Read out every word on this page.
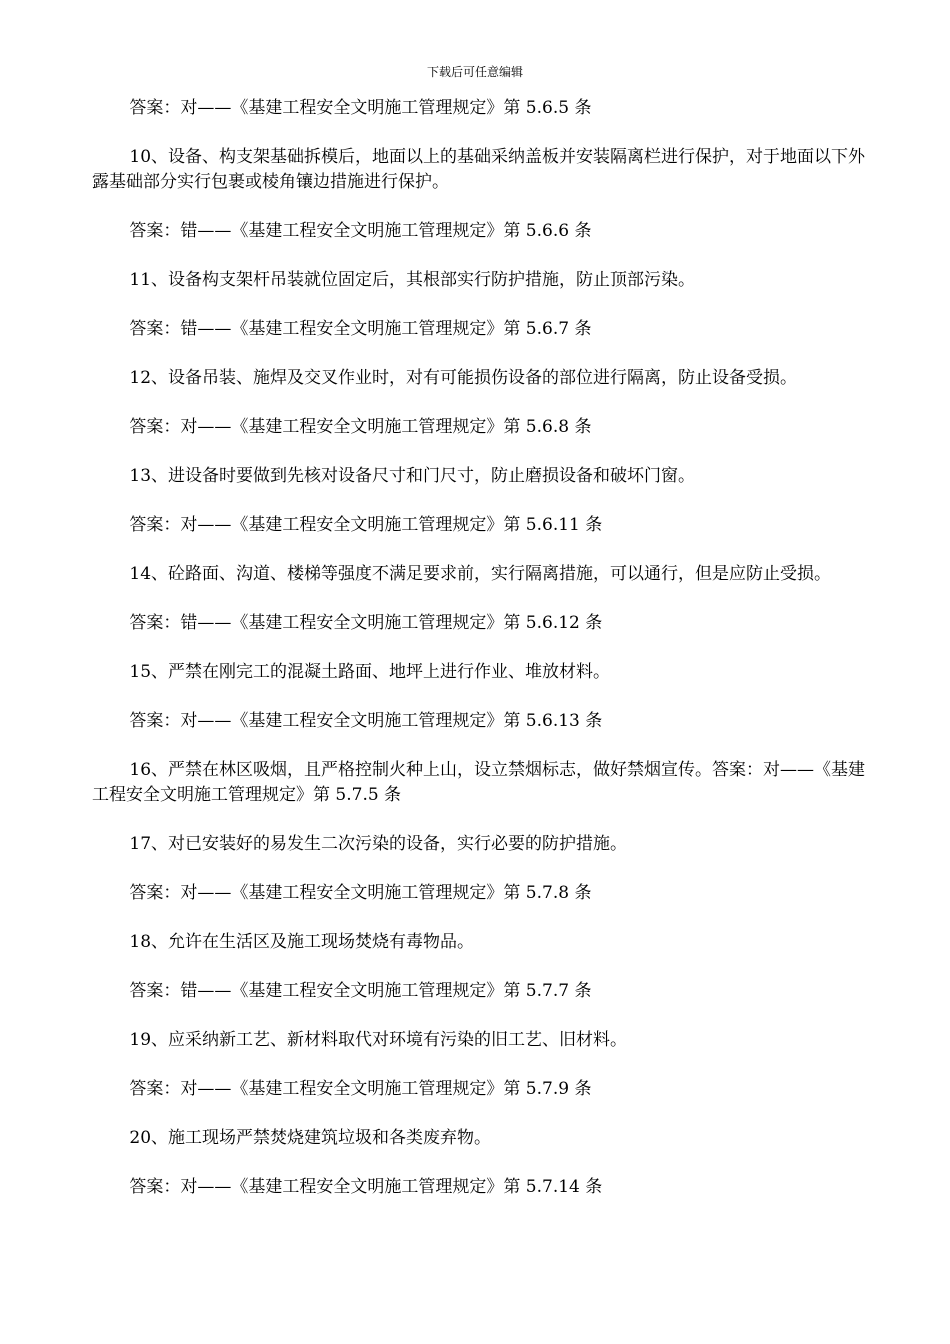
下载后可任意编辑

答案：对——《基建工程安全文明施工管理规定》第 5.6.5 条

10、设备、构支架基础拆模后，地面以上的基础采纳盖板并安装隔离栏进行保护，对于地面以下外露基础部分实行包裹或棱角镶边措施进行保护。

答案：错——《基建工程安全文明施工管理规定》第 5.6.6 条

11、设备构支架杆吊装就位固定后，其根部实行防护措施，防止顶部污染。

答案：错——《基建工程安全文明施工管理规定》第 5.6.7 条

12、设备吊装、施焊及交叉作业时，对有可能损伤设备的部位进行隔离，防止设备受损。

答案：对——《基建工程安全文明施工管理规定》第 5.6.8 条

13、进设备时要做到先核对设备尺寸和门尺寸，防止磨损设备和破坏门窗。

答案：对——《基建工程安全文明施工管理规定》第 5.6.11 条

14、砼路面、沟道、楼梯等强度不满足要求前，实行隔离措施，可以通行，但是应防止受损。

答案：错——《基建工程安全文明施工管理规定》第 5.6.12 条

15、严禁在刚完工的混凝土路面、地坪上进行作业、堆放材料。

答案：对——《基建工程安全文明施工管理规定》第 5.6.13 条

16、严禁在林区吸烟，且严格控制火种上山，设立禁烟标志，做好禁烟宣传。答案：对——《基建工程安全文明施工管理规定》第 5.7.5 条

17、对已安装好的易发生二次污染的设备，实行必要的防护措施。

答案：对——《基建工程安全文明施工管理规定》第 5.7.8 条

18、允许在生活区及施工现场焚烧有毒物品。

答案：错——《基建工程安全文明施工管理规定》第 5.7.7 条

19、应采纳新工艺、新材料取代对环境有污染的旧工艺、旧材料。

答案：对——《基建工程安全文明施工管理规定》第 5.7.9 条

20、施工现场严禁焚烧建筑垃圾和各类废弃物。

答案：对——《基建工程安全文明施工管理规定》第 5.7.14 条
